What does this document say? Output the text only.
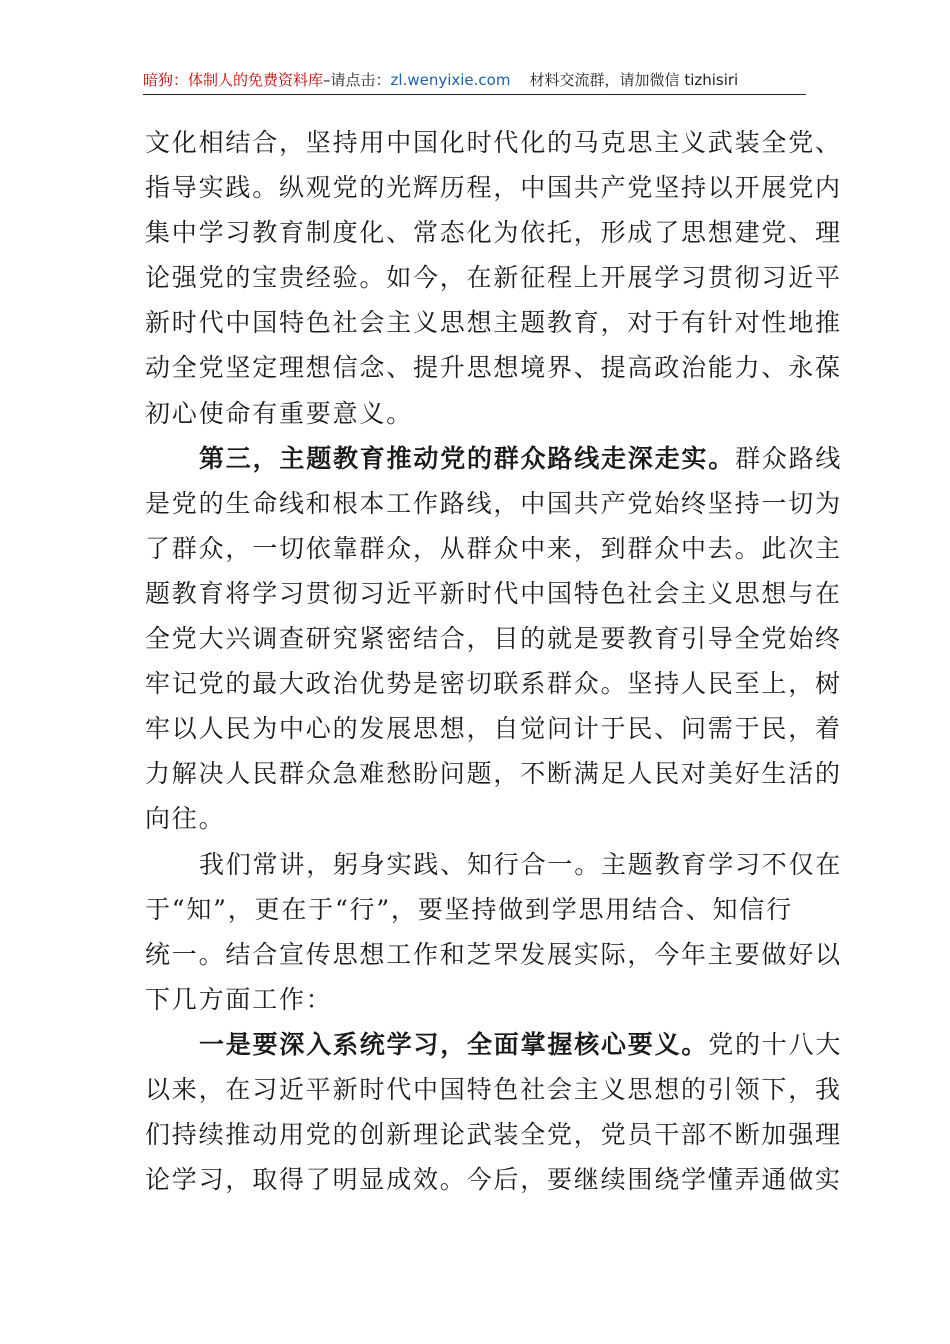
暗狗：体制人的免费资料库–请点击：zl.wenyixie.com 材料交流群，请加微信 tizhisiri

文化相结合，坚持用中国化时代化的马克思主义武装全党、
指导实践。纵观党的光辉历程，中国共产党坚持以开展党内
集中学习教育制度化、常态化为依托，形成了思想建党、理
论强党的宝贵经验。如今，在新征程上开展学习贯彻习近平
新时代中国特色社会主义思想主题教育，对于有针对性地推
动全党坚定理想信念、提升思想境界、提高政治能力、永葆
初心使命有重要意义。

第三，主题教育推动党的群众路线走深走实。群众路线
是党的生命线和根本工作路线，中国共产党始终坚持一切为
了群众，一切依靠群众，从群众中来，到群众中去。此次主
题教育将学习贯彻习近平新时代中国特色社会主义思想与在
全党大兴调查研究紧密结合，目的就是要教育引导全党始终
牢记党的最大政治优势是密切联系群众。坚持人民至上，树
牢以人民为中心的发展思想，自觉问计于民、问需于民，着
力解决人民群众急难愁盼问题，不断满足人民对美好生活的
向往。

我们常讲，躬身实践、知行合一。主题教育学习不仅在
于“知”，更在于“行”，要坚持做到学思用结合、知信行
统一。结合宣传思想工作和芝罘发展实际，今年主要做好以
下几方面工作：

一是要深入系统学习，全面掌握核心要义。党的十八大
以来，在习近平新时代中国特色社会主义思想的引领下，我
们持续推动用党的创新理论武装全党，党员干部不断加强理
论学习，取得了明显成效。今后，要继续围绕学懂弄通做实
